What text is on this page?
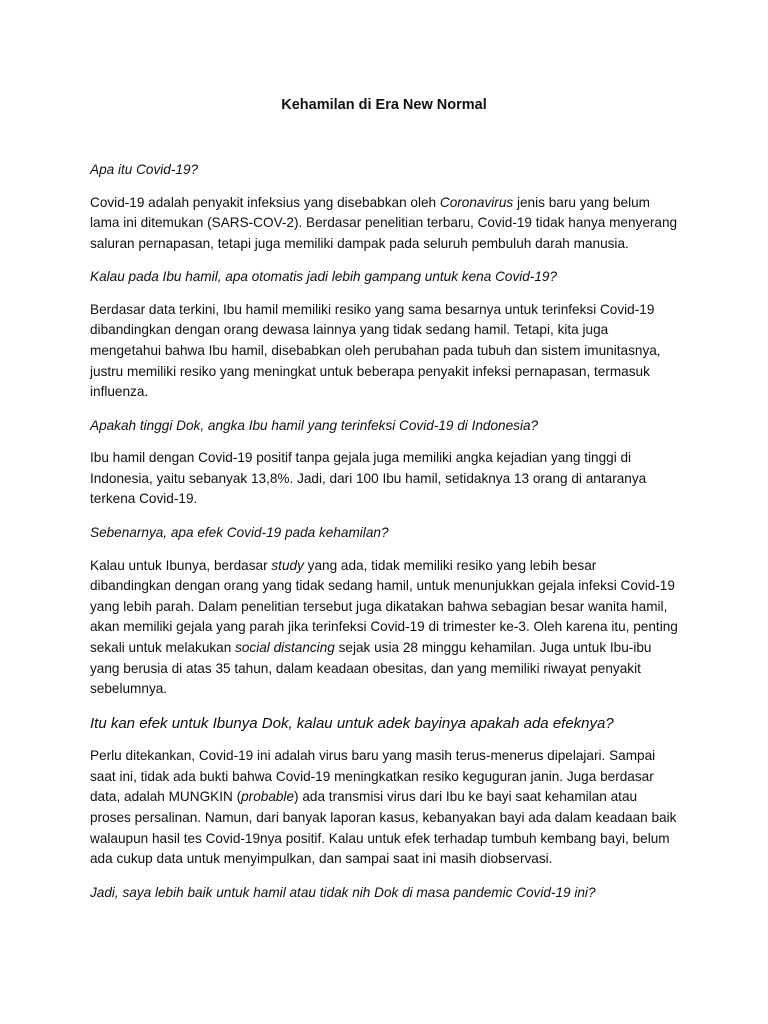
Kehamilan di Era New Normal
Apa itu Covid-19?
Covid-19 adalah penyakit infeksius yang disebabkan oleh Coronavirus jenis baru yang belum lama ini ditemukan (SARS-COV-2). Berdasar penelitian terbaru, Covid-19 tidak hanya menyerang saluran pernapasan, tetapi juga memiliki dampak pada seluruh pembuluh darah manusia.
Kalau pada Ibu hamil, apa otomatis jadi lebih gampang untuk kena Covid-19?
Berdasar data terkini, Ibu hamil memiliki resiko yang sama besarnya untuk terinfeksi Covid-19 dibandingkan dengan orang dewasa lainnya yang tidak sedang hamil. Tetapi, kita juga mengetahui bahwa Ibu hamil, disebabkan oleh perubahan pada tubuh dan sistem imunitasnya, justru memiliki resiko yang meningkat untuk beberapa penyakit infeksi pernapasan, termasuk influenza.
Apakah tinggi Dok, angka Ibu hamil yang terinfeksi Covid-19 di Indonesia?
Ibu hamil dengan Covid-19 positif tanpa gejala juga memiliki angka kejadian yang tinggi di Indonesia, yaitu sebanyak 13,8%. Jadi, dari 100 Ibu hamil, setidaknya 13 orang di antaranya terkena Covid-19.
Sebenarnya, apa efek Covid-19 pada kehamilan?
Kalau untuk Ibunya, berdasar study yang ada, tidak memiliki resiko yang lebih besar dibandingkan dengan orang yang tidak sedang hamil, untuk menunjukkan gejala infeksi Covid-19 yang lebih parah. Dalam penelitian tersebut juga dikatakan bahwa sebagian besar wanita hamil, akan memiliki gejala yang parah jika terinfeksi Covid-19 di trimester ke-3. Oleh karena itu, penting sekali untuk melakukan social distancing sejak usia 28 minggu kehamilan. Juga untuk Ibu-ibu yang berusia di atas 35 tahun, dalam keadaan obesitas, dan yang memiliki riwayat penyakit sebelumnya.
Itu kan efek untuk Ibunya Dok, kalau untuk adek bayinya apakah ada efeknya?
Perlu ditekankan, Covid-19 ini adalah virus baru yang masih terus-menerus dipelajari. Sampai saat ini, tidak ada bukti bahwa Covid-19 meningkatkan resiko keguguran janin. Juga berdasar data, adalah MUNGKIN (probable) ada transmisi virus dari Ibu ke bayi saat kehamilan atau proses persalinan. Namun, dari banyak laporan kasus, kebanyakan bayi ada dalam keadaan baik walaupun hasil tes Covid-19nya positif. Kalau untuk efek terhadap tumbuh kembang bayi, belum ada cukup data untuk menyimpulkan, dan sampai saat ini masih diobservasi.
Jadi, saya lebih baik untuk hamil atau tidak nih Dok di masa pandemic Covid-19 ini?
